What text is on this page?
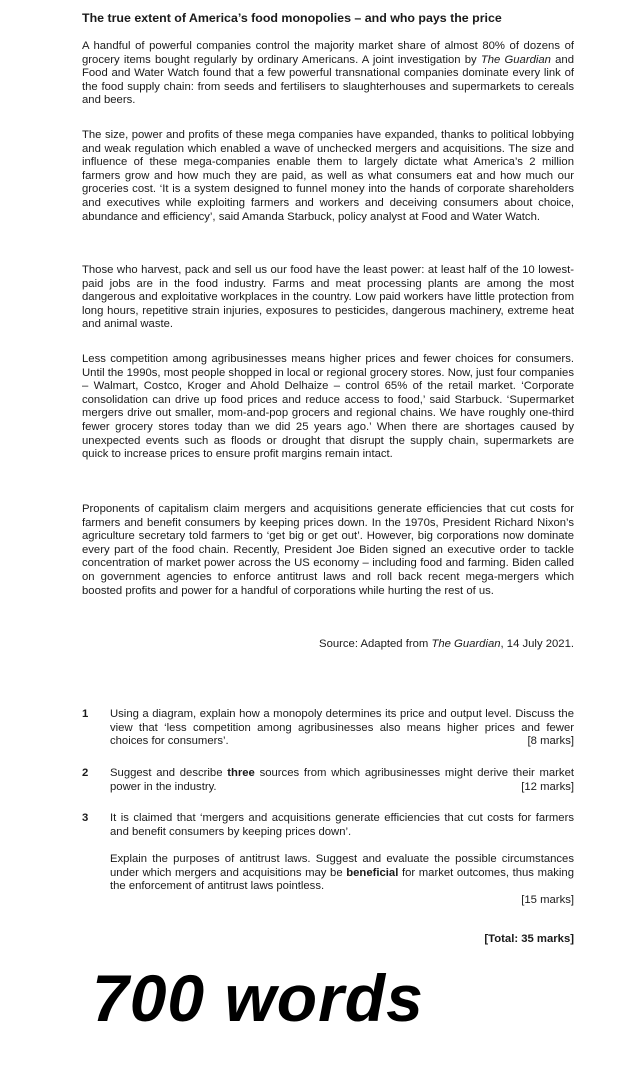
The true extent of America’s food monopolies – and who pays the price
A handful of powerful companies control the majority market share of almost 80% of dozens of grocery items bought regularly by ordinary Americans. A joint investigation by The Guardian and Food and Water Watch found that a few powerful transnational companies dominate every link of the food supply chain: from seeds and fertilisers to slaughterhouses and supermarkets to cereals and beers.
The size, power and profits of these mega companies have expanded, thanks to political lobbying and weak regulation which enabled a wave of unchecked mergers and acquisitions. The size and influence of these mega-companies enable them to largely dictate what America’s 2 million farmers grow and how much they are paid, as well as what consumers eat and how much our groceries cost. ‘It is a system designed to funnel money into the hands of corporate shareholders and executives while exploiting farmers and workers and deceiving consumers about choice, abundance and efficiency’, said Amanda Starbuck, policy analyst at Food and Water Watch.
Those who harvest, pack and sell us our food have the least power: at least half of the 10 lowest-paid jobs are in the food industry. Farms and meat processing plants are among the most dangerous and exploitative workplaces in the country. Low paid workers have little protection from long hours, repetitive strain injuries, exposures to pesticides, dangerous machinery, extreme heat and animal waste.
Less competition among agribusinesses means higher prices and fewer choices for consumers. Until the 1990s, most people shopped in local or regional grocery stores. Now, just four companies – Walmart, Costco, Kroger and Ahold Delhaize – control 65% of the retail market. ‘Corporate consolidation can drive up food prices and reduce access to food,’ said Starbuck. ‘Supermarket mergers drive out smaller, mom-and-pop grocers and regional chains. We have roughly one-third fewer grocery stores today than we did 25 years ago.’ When there are shortages caused by unexpected events such as floods or drought that disrupt the supply chain, supermarkets are quick to increase prices to ensure profit margins remain intact.
Proponents of capitalism claim mergers and acquisitions generate efficiencies that cut costs for farmers and benefit consumers by keeping prices down. In the 1970s, President Richard Nixon’s agriculture secretary told farmers to ‘get big or get out’. However, big corporations now dominate every part of the food chain. Recently, President Joe Biden signed an executive order to tackle concentration of market power across the US economy – including food and farming. Biden called on government agencies to enforce antitrust laws and roll back recent mega-mergers which boosted profits and power for a handful of corporations while hurting the rest of us.
Source: Adapted from The Guardian, 14 July 2021.
1 Using a diagram, explain how a monopoly determines its price and output level. Discuss the view that ‘less competition among agribusinesses also means higher prices and fewer choices for consumers’.	[8 marks]
2 Suggest and describe three sources from which agribusinesses might derive their market power in the industry.	[12 marks]
3 It is claimed that ‘mergers and acquisitions generate efficiencies that cut costs for farmers and benefit consumers by keeping prices down’.
Explain the purposes of antitrust laws. Suggest and evaluate the possible circumstances under which mergers and acquisitions may be beneficial for market outcomes, thus making the enforcement of antitrust laws pointless.
[15 marks]
[Total: 35 marks]
700 words
